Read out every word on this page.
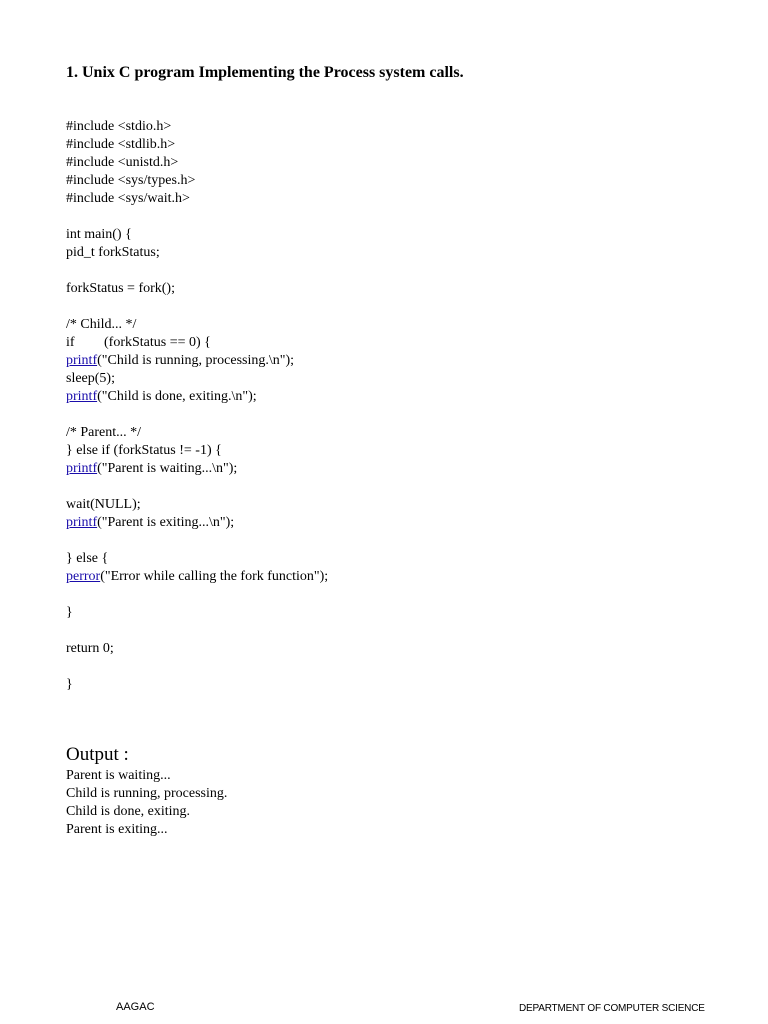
1. Unix C program Implementing the Process system calls.
#include <stdio.h>
#include <stdlib.h>
#include <unistd.h>
#include <sys/types.h>
#include <sys/wait.h>
int main() {
pid_t forkStatus;
forkStatus = fork();
/* Child... */
if (forkStatus == 0) {
printf("Child is running, processing.\n");
sleep(5);
printf("Child is done, exiting.\n");
/* Parent... */
} else if (forkStatus != -1) {
printf("Parent is waiting...\n");
wait(NULL);
printf("Parent is exiting...\n");
} else {
perror("Error while calling the fork function");
}
return 0;
}
Output :
Parent is waiting...
Child is running, processing.
Child is done, exiting.
Parent is exiting...
AAGAC	DEPARTMENT OF COMPUTER SCIENCE
